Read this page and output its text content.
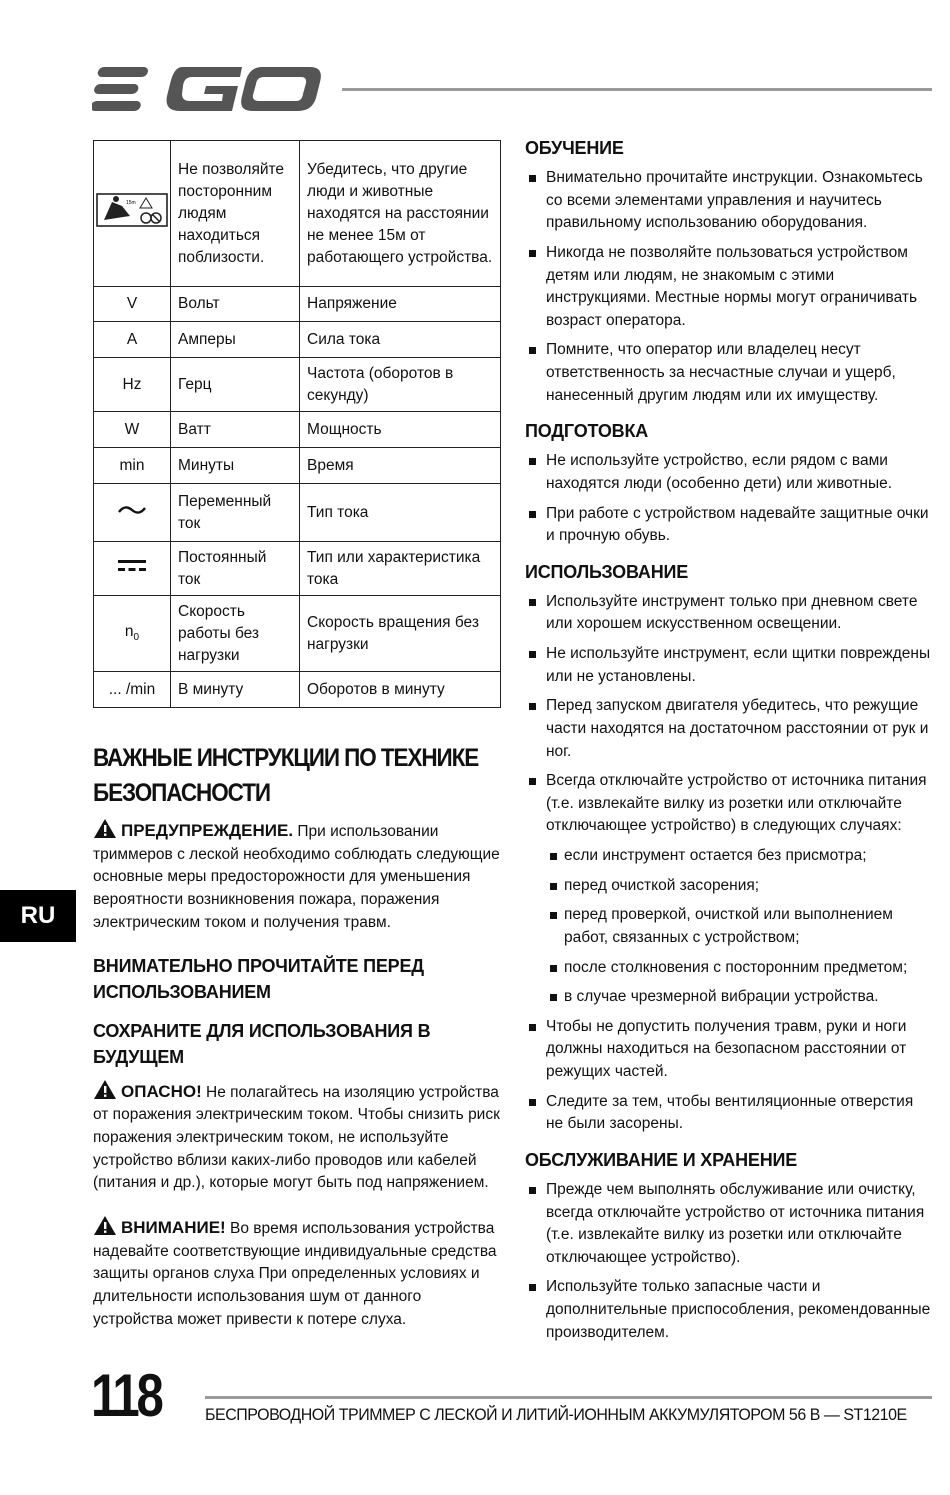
15m	Не позволяйте посторонним людям находиться поблизости.	Убедитесь, что другие люди и животные находятся на расстоянии не менее 15м от работающего устройства.
V	Вольт	Напряжение
A	Амперы	Сила тока
Hz	Герц	Частота (оборотов в секунду)
W	Ватт	Мощность
min	Минуты	Время
	Переменный ток	Тип тока
	Постоянный ток	Тип или характеристика тока
$n_0$	Скорость работы без нагрузки	Скорость вращения без нагрузки
... /min	В минуту	Оборотов в минуту
ВАЖНЫЕ ИНСТРУКЦИИ ПО ТЕХНИКЕ БЕЗОПАСНОСТИ
ПРЕДУПРЕЖДЕНИЕ. При использовании триммеров с леской необходимо соблюдать следующие основные меры предосторожности для уменьшения вероятности возникновения пожара, поражения электрическим током и получения травм.
ВНИМАТЕЛЬНО ПРОЧИТАЙТЕ ПЕРЕД ИСПОЛЬЗОВАНИЕМ
СОХРАНИТЕ ДЛЯ ИСПОЛЬЗОВАНИЯ В БУДУЩЕМ
ОПАСНО! Не полагайтесь на изоляцию устройства от поражения электрическим током. Чтобы снизить риск поражения электрическим током, не используйте устройство вблизи каких-либо проводов или кабелей (питания и др.), которые могут быть под напряжением.
ВНИМАНИЕ! Во время использования устройства надевайте соответствующие индивидуальные средства защиты органов слуха При определенных условиях и длительности использования шум от данного устройства может привести к потере слуха.
ОБУЧЕНИЕ
Внимательно прочитайте инструкции. Ознакомьтесь со всеми элементами управления и научитесь правильному использованию оборудования.
Никогда не позволяйте пользоваться устройством детям или людям, не знакомым с этими инструкциями. Местные нормы могут ограничивать возраст оператора.
Помните, что оператор или владелец несут ответственность за несчастные случаи и ущерб, нанесенный другим людям или их имуществу.
ПОДГОТОВКА
Не используйте устройство, если рядом с вами находятся люди (особенно дети) или животные.
При работе с устройством надевайте защитные очки и прочную обувь.
ИСПОЛЬЗОВАНИЕ
Используйте инструмент только при дневном свете или хорошем искусственном освещении.
Не используйте инструмент, если щитки повреждены или не установлены.
Перед запуском двигателя убедитесь, что режущие части находятся на достаточном расстоянии от рук и ног.
Всегда отключайте устройство от источника питания (т.е. извлекайте вилку из розетки или отключайте отключающее устройство) в следующих случаях:
если инструмент остается без присмотра;
перед очисткой засорения;
перед проверкой, очисткой или выполнением работ, связанных с устройством;
после столкновения с посторонним предметом;
в случае чрезмерной вибрации устройства.
Чтобы не допустить получения травм, руки и ноги должны находиться на безопасном расстоянии от режущих частей.
Следите за тем, чтобы вентиляционные отверстия не были засорены.
ОБСЛУЖИВАНИЕ И ХРАНЕНИЕ
Прежде чем выполнять обслуживание или очистку, всегда отключайте устройство от источника питания (т.е. извлекайте вилку из розетки или отключайте отключающее устройство).
Используйте только запасные части и дополнительные приспособления, рекомендованные производителем.
RU
118	БЕСПРОВОДНОЙ ТРИММЕР С ЛЕСКОЙ И ЛИТИЙ-ИОННЫМ АККУМУЛЯТОРОМ 56 В — ST1210E
